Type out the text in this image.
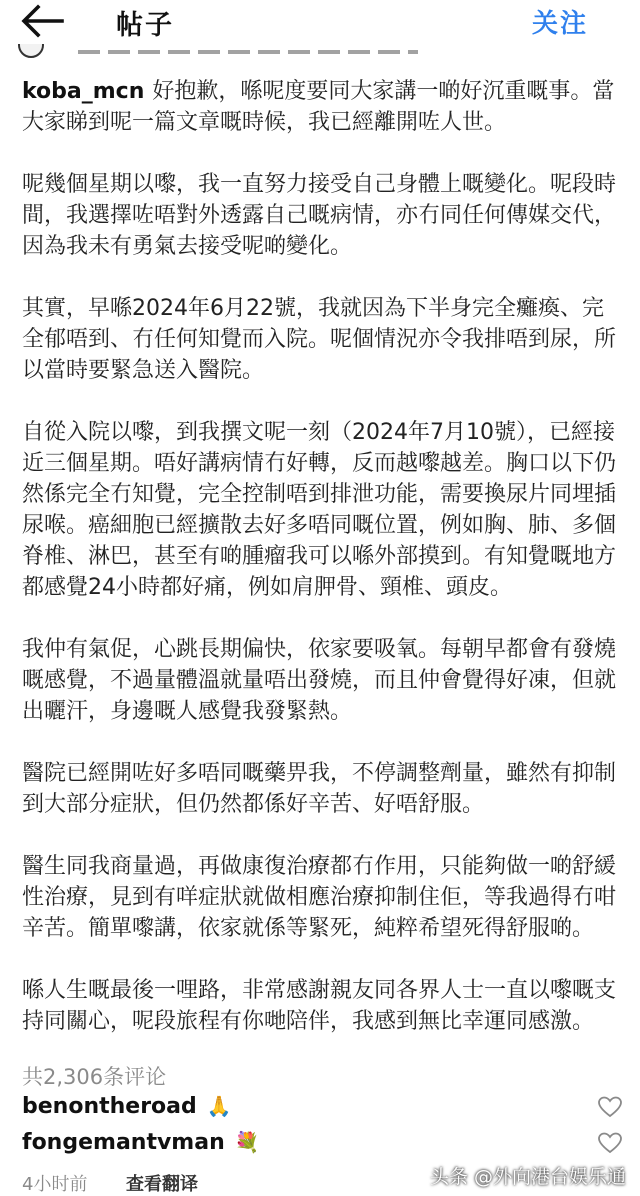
帖子	关注

koba_mcn 好抱歉，喺呢度要同大家講一啲好沉重嘅事。當大家睇到呢一篇文章嘅時候，我已經離開咗人世。

呢幾個星期以嚟，我一直努力接受自己身體上嘅變化。呢段時間，我選擇咗唔對外透露自己嘅病情，亦冇同任何傳媒交代，因為我未有勇氣去接受呢啲變化。

其實，早喺2024年6月22號，我就因為下半身完全癱瘓、完全郁唔到、冇任何知覺而入院。呢個情況亦令我排唔到尿，所以當時要緊急送入醫院。

自從入院以嚟，到我撰文呢一刻（2024年7月10號），已經接近三個星期。唔好講病情冇好轉，反而越嚟越差。胸口以下仍然係完全冇知覺，完全控制唔到排泄功能，需要換尿片同埋插尿喉。癌細胞已經擴散去好多唔同嘅位置，例如胸、肺、多個脊椎、淋巴，甚至有啲腫瘤我可以喺外部摸到。有知覺嘅地方都感覺24小時都好痛，例如肩胛骨、頸椎、頭皮。

我仲有氣促，心跳長期偏快，依家要吸氧。每朝早都會有發燒嘅感覺，不過量體溫就量唔出發燒，而且仲會覺得好凍，但就出曬汗，身邊嘅人感覺我發緊熱。

醫院已經開咗好多唔同嘅藥畀我，不停調整劑量，雖然有抑制到大部分症狀，但仍然都係好辛苦、好唔舒服。

醫生同我商量過，再做康復治療都冇作用，只能夠做一啲舒緩性治療，見到有咩症狀就做相應治療抑制住佢，等我過得冇咁辛苦。簡單嚟講，依家就係等緊死，純粹希望死得舒服啲。

喺人生嘅最後一哩路，非常感謝親友同各界人士一直以嚟嘅支持同關心，呢段旅程有你哋陪伴，我感到無比幸運同感激。

共2,306条评论
benontheroad 🙏
fongemantvman 💐
4小时前 查看翻译	头条 @外向港台娱乐通
